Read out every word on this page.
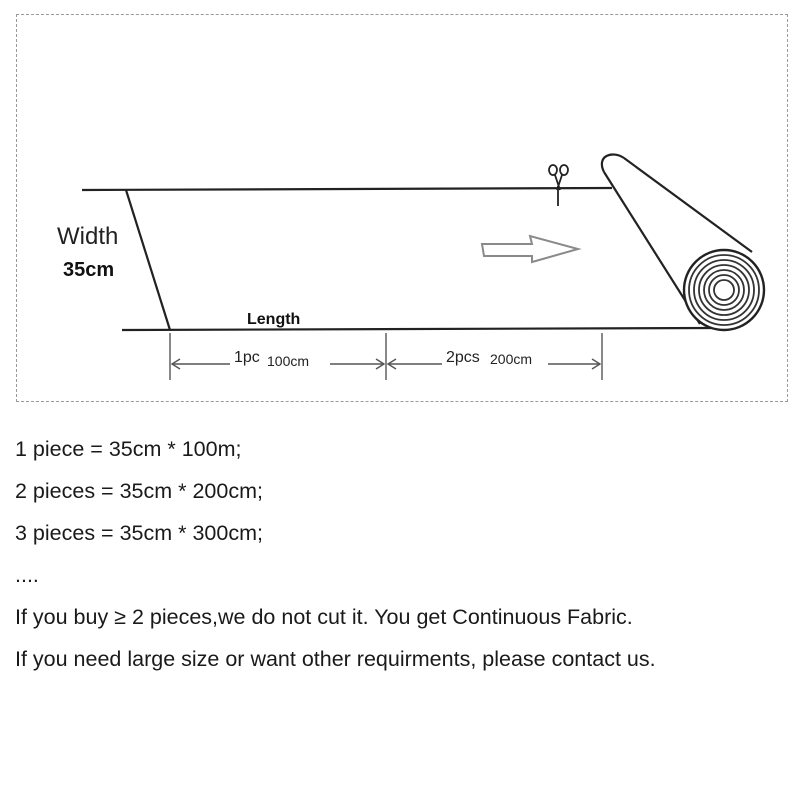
Width
35cm
Length
1pc 100cm	2pcs 200cm
1 piece = 35cm * 100m;
2 pieces = 35cm * 200cm;
3 pieces = 35cm * 300cm;
....
If you buy ≥ 2 pieces,we do not cut it. You get Continuous Fabric.
If you need large size or want other requirments, please contact us.
